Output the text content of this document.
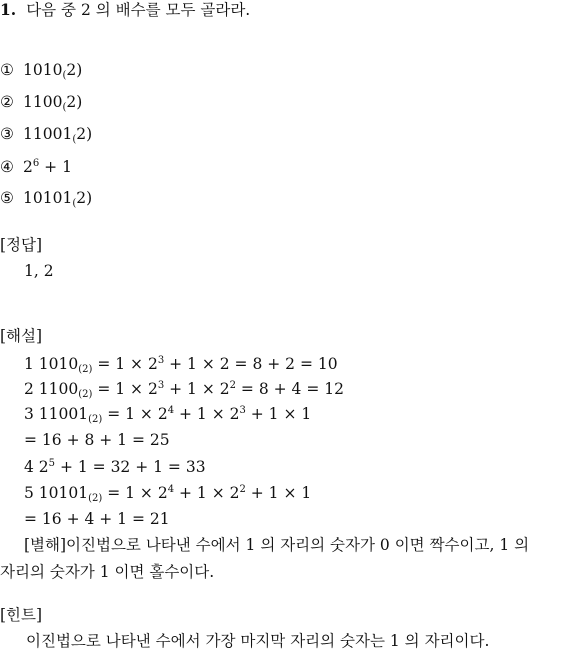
1. 다음 중 2 의 배수를 모두 골라라.
① $1010_(2$)
② $1100_(2$)
③ $11001_(2$)
④ $2^6 + 1$
⑤ $10101_(2$)
[정답]
1, 2
[해설]
1 $1010_{(2)} = 1 \times 2^3 + 1 \times 2 = 8 + 2 = 10$
2 $1100_{(2)} = 1 \times 2^3 + 1 \times 2^2 = 8 + 4 = 12$
3 $11001_{(2)} = 1 \times 2^4 + 1 \times 2^3 + 1 \times 1$
= 16 + 8 + 1 = 25
4 $2^5 + 1 = 32 + 1 = 33$
5 $10101_{(2)} = 1 \times 2^4 + 1 \times 2^2 + 1 \times 1$
= 16 + 4 + 1 = 21
[별해]이진법으로 나타낸 수에서 1 의 자리의 숫자가 0 이면 짝수이고, 1 의
자리의 숫자가 1 이면 홀수이다.
[힌트]
이진법으로 나타낸 수에서 가장 마지막 자리의 숫자는 1 의 자리이다.
